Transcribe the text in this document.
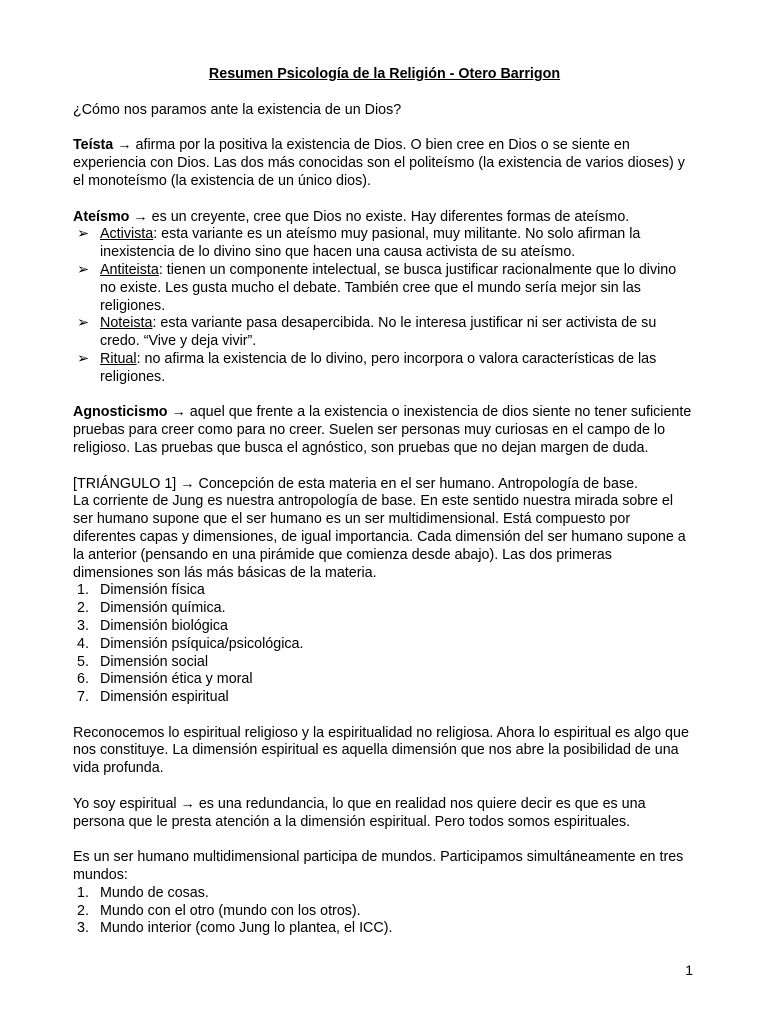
Resumen Psicología de la Religión - Otero Barrigon

¿Cómo nos paramos ante la existencia de un Dios?

Teísta → afirma por la positiva la existencia de Dios. O bien cree en Dios o se siente en experiencia con Dios. Las dos más conocidas son el politeísmo (la existencia de varios dioses) y el monoteísmo (la existencia de un único dios).

Ateísmo → es un creyente, cree que Dios no existe. Hay diferentes formas de ateísmo.

➢ Activista: esta variante es un ateísmo muy pasional, muy militante. No solo afirman la inexistencia de lo divino sino que hacen una causa activista de su ateísmo.
➢ Antiteista: tienen un componente intelectual, se busca justificar racionalmente que lo divino no existe. Les gusta mucho el debate. También cree que el mundo sería mejor sin las religiones.
➢ Noteista: esta variante pasa desapercibida. No le interesa justificar ni ser activista de su credo. “Vive y deja vivir”.
➢ Ritual: no afirma la existencia de lo divino, pero incorpora o valora características de las religiones.

Agnosticismo → aquel que frente a la existencia o inexistencia de dios siente no tener suficiente pruebas para creer como para no creer. Suelen ser personas muy curiosas en el campo de lo religioso. Las pruebas que busca el agnóstico, son pruebas que no dejan margen de duda.

[TRIÁNGULO 1] → Concepción de esta materia en el ser humano. Antropología de base.

La corriente de Jung es nuestra antropología de base. En este sentido nuestra mirada sobre el ser humano supone que el ser humano es un ser multidimensional. Está compuesto por diferentes capas y dimensiones, de igual importancia. Cada dimensión del ser humano supone a la anterior (pensando en una pirámide que comienza desde abajo). Las dos primeras dimensiones son lás más básicas de la materia.

1. Dimensión física
2. Dimensión química.
3. Dimensión biológica
4. Dimensión psíquica/psicológica.
5. Dimensión social
6. Dimensión ética y moral
7. Dimensión espiritual

Reconocemos lo espiritual religioso y la espiritualidad no religiosa. Ahora lo espiritual es algo que nos constituye. La dimensión espiritual es aquella dimensión que nos abre la posibilidad de una vida profunda.

Yo soy espiritual → es una redundancia, lo que en realidad nos quiere decir es que es una persona que le presta atención a la dimensión espiritual. Pero todos somos espirituales.

Es un ser humano multidimensional participa de mundos. Participamos simultáneamente en tres mundos:

1. Mundo de cosas.
2. Mundo con el otro (mundo con los otros).
3. Mundo interior (como Jung lo plantea, el ICC).
1
